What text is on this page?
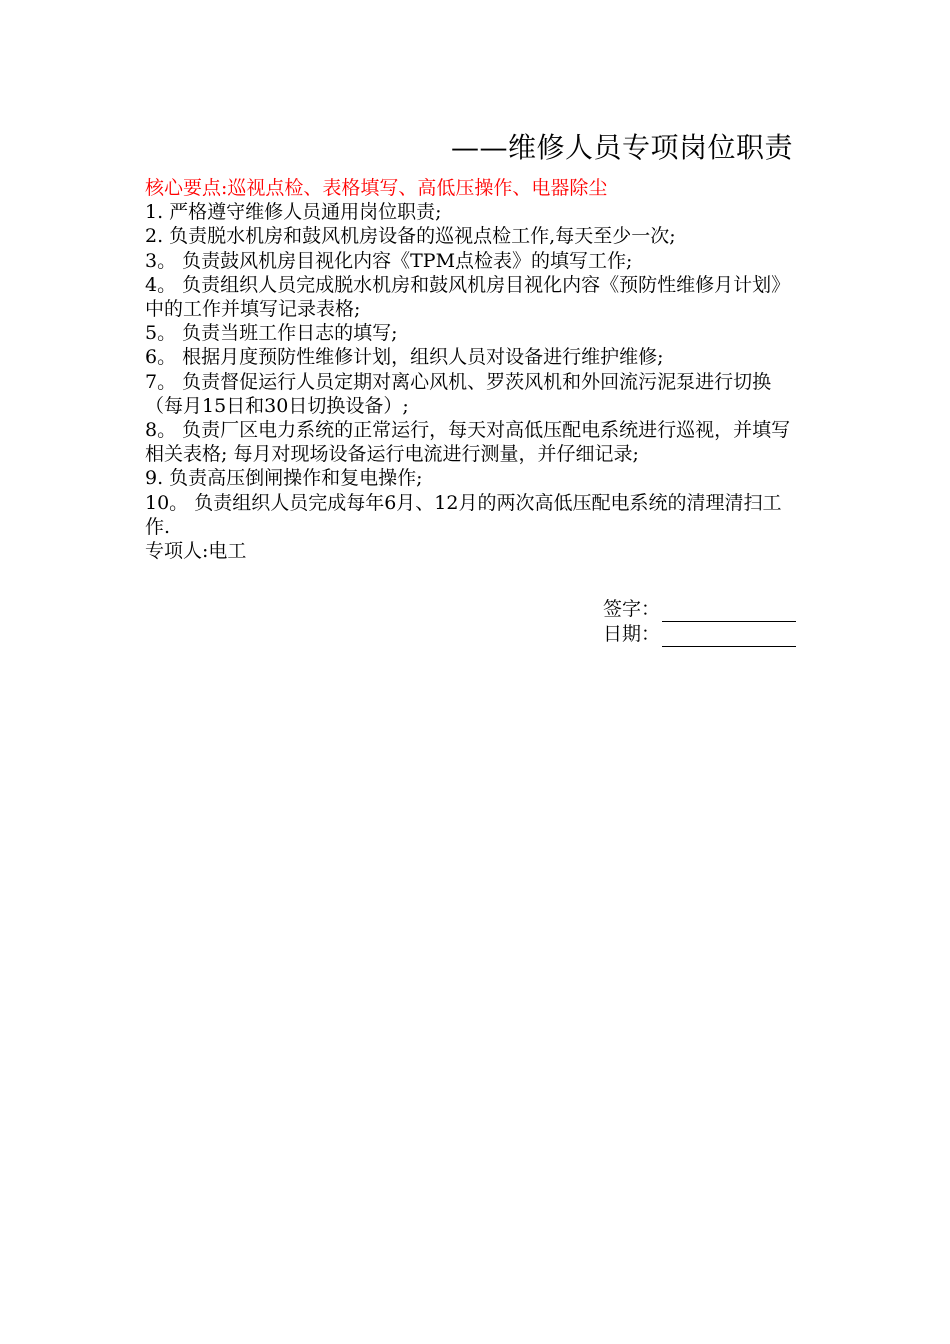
——维修人员专项岗位职责
核心要点:巡视点检、表格填写、高低压操作、电器除尘

1. 严格遵守维修人员通用岗位职责;

2. 负责脱水机房和鼓风机房设备的巡视点检工作,每天至少一次;

3。 负责鼓风机房目视化内容《TPM点检表》的填写工作;

4。 负责组织人员完成脱水机房和鼓风机房目视化内容《预防性维修月计划》中的工作并填写记录表格;

5。 负责当班工作日志的填写;

6。 根据月度预防性维修计划，组织人员对设备进行维护维修;

7。 负责督促运行人员定期对离心风机、罗茨风机和外回流污泥泵进行切换（每月15日和30日切换设备）;

8。 负责厂区电力系统的正常运行，每天对高低压配电系统进行巡视，并填写相关表格; 每月对现场设备运行电流进行测量，并仔细记录;

9. 负责高压倒闸操作和复电操作;

10。 负责组织人员完成每年6月、12月的两次高低压配电系统的清理清扫工作.

专项人:电工

签字：
日期：
